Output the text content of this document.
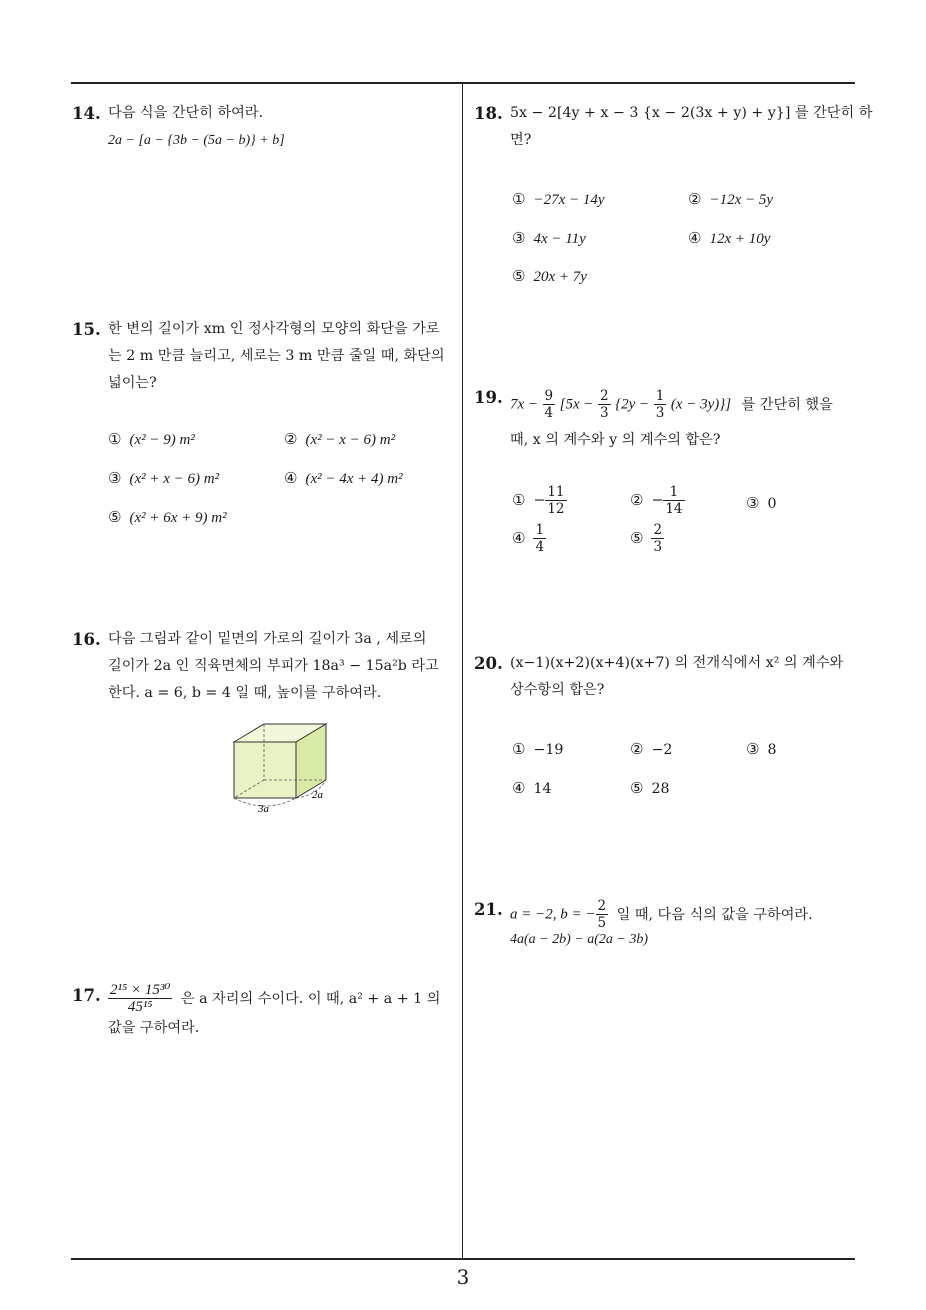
3
14. 다음 식을 간단히 하여라.
2a − [a − {3b − (5a − b)} + b]
15. 한 변의 길이가 xm 인 정사각형의 모양의 화단을 가로
는 2 m 만큼 늘리고, 세로는 3 m 만큼 줄일 때, 화단의
넓이는?
① (x² − 9) m²	② (x² − x − 6) m²
③ (x² + x − 6) m²	④ (x² − 4x + 4) m²
⑤ (x² + 6x + 9) m²
16. 다음 그림과 같이 밑면의 가로의 길이가 3a , 세로의
길이가 2a 인 직육면체의 부피가 18a³ − 15a²b 라고
한다. a = 6, b = 4 일 때, 높이를 구하여라.
3a
2a
17. $\frac{\text{2¹⁵ × 15³⁰}}{\text{45¹⁵}}$ 은 a 자리의 수이다. 이 때, a² + a + 1 의
값을 구하여라.
18. 5x − 2[4y + x − 3 {x − 2(3x + y) + y}] 를 간단히 하
면?
① −27x − 14y	② −12x − 5y
③ 4x − 11y	④ 12x + 10y
⑤ 20x + 7y
19. $7x - \frac{9}{4} [5x - \frac{2}{3} \{2y - \frac{1}{3} (x - 3y)\}]$ 를 간단히 했을
때, x 의 계수와 y 의 계수의 합은?
① − $\frac{11}{12}$	② − $\frac{1}{14}$	③ 0
④ $\frac{1}{4}$	⑤ $\frac{2}{3}$
20. (x−1)(x+2)(x+4)(x+7) 의 전개식에서 x² 의 계수와
상수항의 합은?
① −19	② −2	③ 8
④ 14	⑤ 28
21. a = −2, b = − $\frac{2}{5}$ 일 때, 다음 식의 값을 구하여라.
4a(a − 2b) − a(2a − 3b)
